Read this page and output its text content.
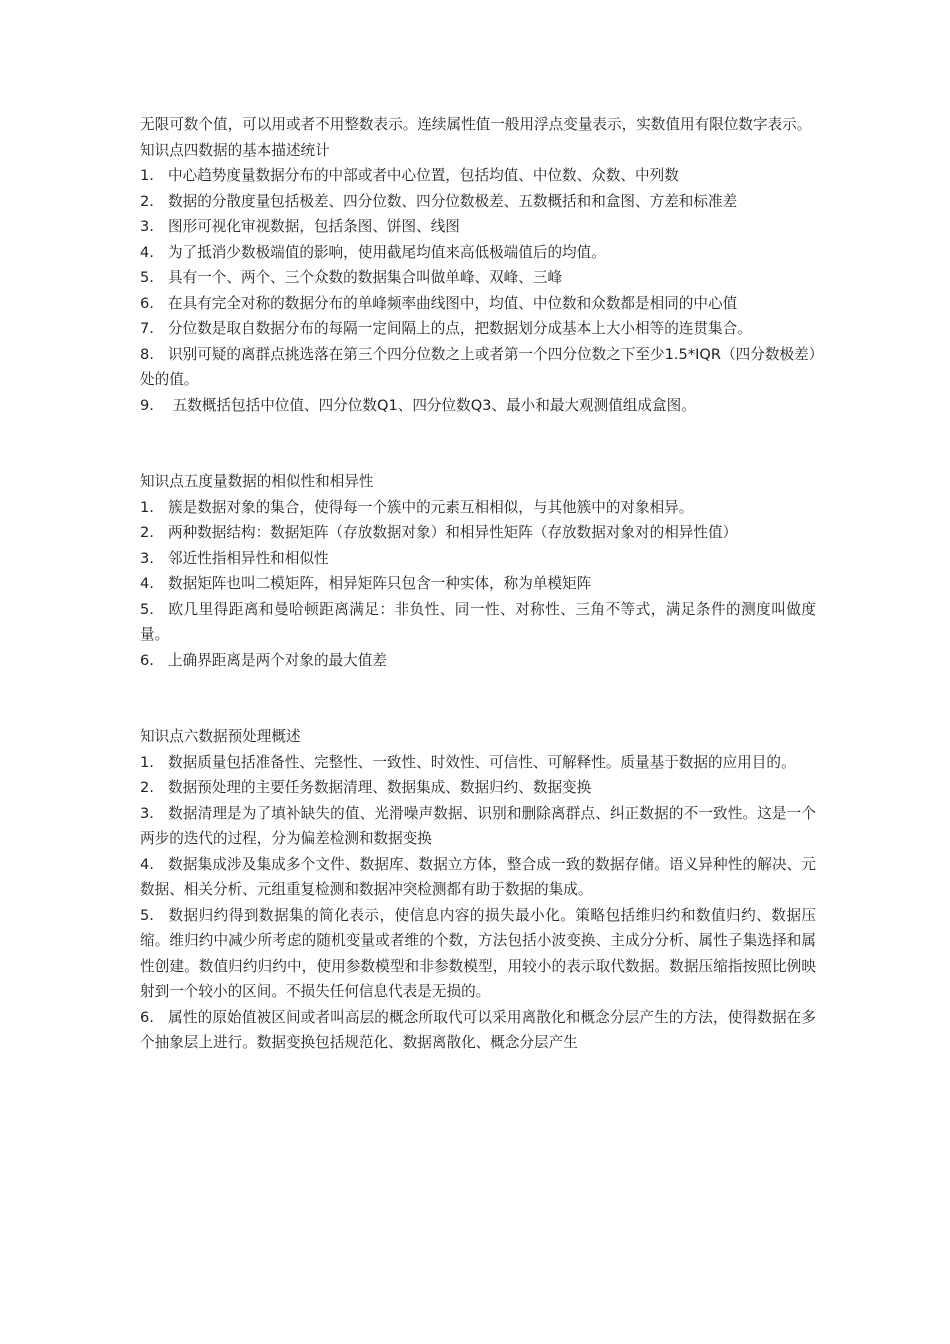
无限可数个值，可以用或者不用整数表示。连续属性值一般用浮点变量表示，实数值用有限位数字表示。

知识点四数据的基本描述统计

1. 中心趋势度量数据分布的中部或者中心位置，包括均值、中位数、众数、中列数
2. 数据的分散度量包括极差、四分位数、四分位数极差、五数概括和和盒图、方差和标准差
3. 图形可视化审视数据，包括条图、饼图、线图
4. 为了抵消少数极端值的影响，使用截尾均值来高低极端值后的均值。
5. 具有一个、两个、三个众数的数据集合叫做单峰、双峰、三峰
6. 在具有完全对称的数据分布的单峰频率曲线图中，均值、中位数和众数都是相同的中心值
7. 分位数是取自数据分布的每隔一定间隔上的点，把数据划分成基本上大小相等的连贯集合。
8. 识别可疑的离群点挑选落在第三个四分位数之上或者第一个四分位数之下至少1.5*IQR（四分数极差）处的值。
9. 五数概括包括中位值、四分位数Q1、四分位数Q3、最小和最大观测值组成盒图。

知识点五度量数据的相似性和相异性

1. 簇是数据对象的集合，使得每一个簇中的元素互相相似，与其他簇中的对象相异。
2. 两种数据结构：数据矩阵（存放数据对象）和相异性矩阵（存放数据对象对的相异性值）
3. 邻近性指相异性和相似性
4. 数据矩阵也叫二模矩阵，相异矩阵只包含一种实体，称为单模矩阵
5. 欧几里得距离和曼哈顿距离满足：非负性、同一性、对称性、三角不等式，满足条件的测度叫做度量。
6. 上确界距离是两个对象的最大值差

知识点六数据预处理概述

1. 数据质量包括准备性、完整性、一致性、时效性、可信性、可解释性。质量基于数据的应用目的。
2. 数据预处理的主要任务数据清理、数据集成、数据归约、数据变换
3. 数据清理是为了填补缺失的值、光滑噪声数据、识别和删除离群点、纠正数据的不一致性。这是一个两步的迭代的过程，分为偏差检测和数据变换
4. 数据集成涉及集成多个文件、数据库、数据立方体，整合成一致的数据存储。语义异种性的解决、元数据、相关分析、元组重复检测和数据冲突检测都有助于数据的集成。
5. 数据归约得到数据集的简化表示，使信息内容的损失最小化。策略包括维归约和数值归约、数据压缩。维归约中减少所考虑的随机变量或者维的个数，方法包括小波变换、主成分分析、属性子集选择和属性创建。数值归约归约中，使用参数模型和非参数模型，用较小的表示取代数据。数据压缩指按照比例映射到一个较小的区间。不损失任何信息代表是无损的。
6. 属性的原始值被区间或者叫高层的概念所取代可以采用离散化和概念分层产生的方法，使得数据在多个抽象层上进行。数据变换包括规范化、数据离散化、概念分层产生
